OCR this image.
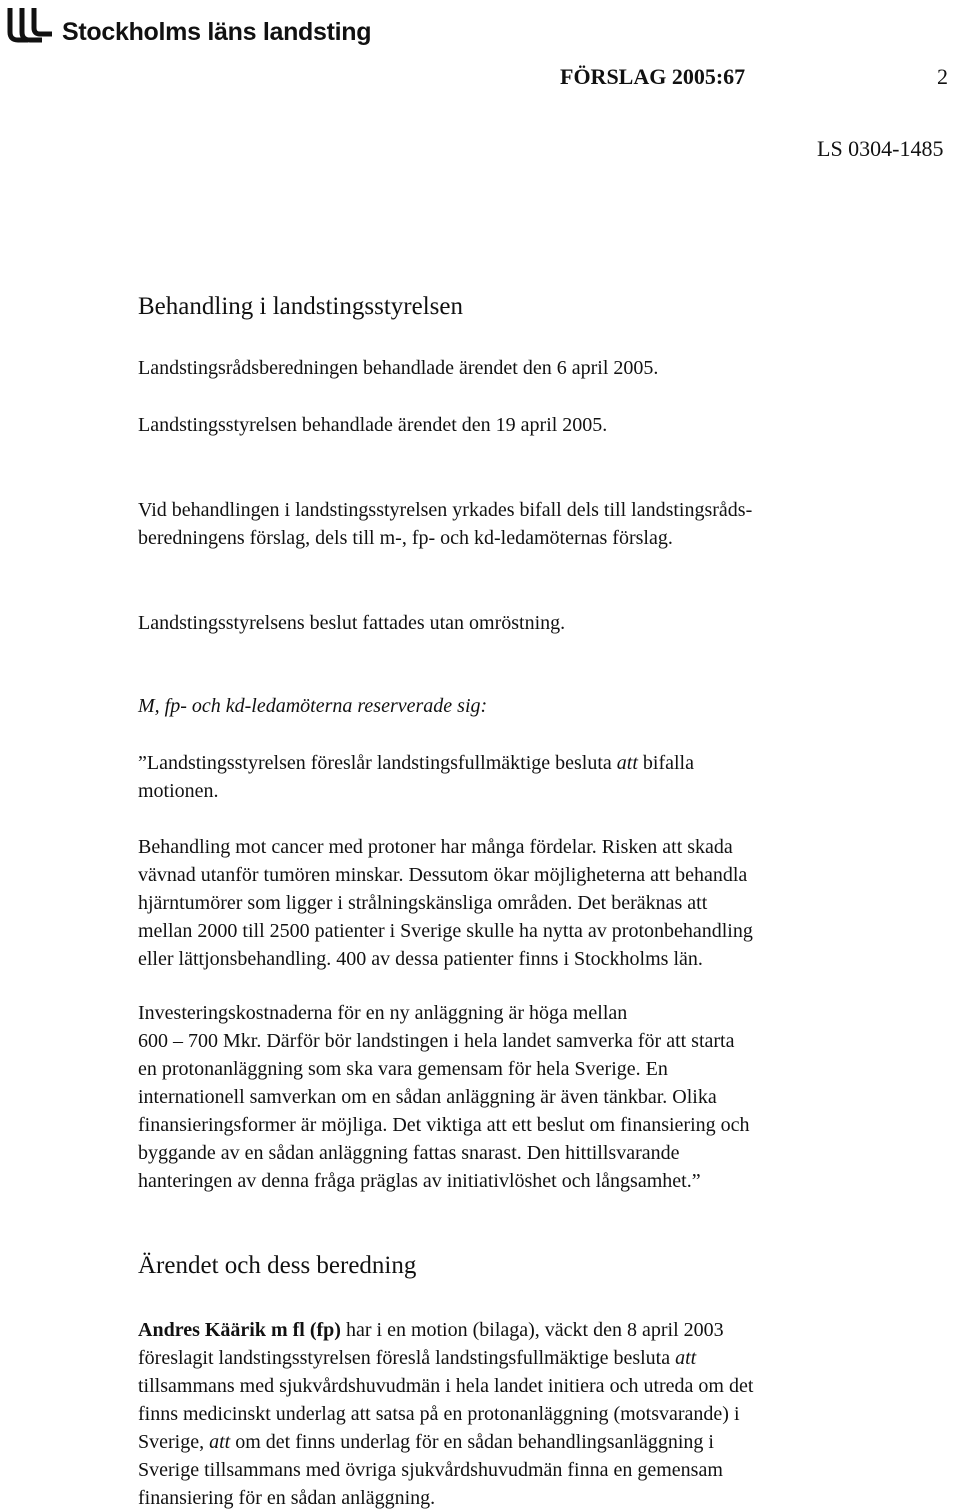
Stockholms läns landsting
FÖRSLAG 2005:67	2
LS 0304-1485
Behandling i landstingsstyrelsen
Landstingsrådsberedningen behandlade ärendet den 6 april 2005.
Landstingsstyrelsen behandlade ärendet den 19 april 2005.
Vid behandlingen i landstingsstyrelsen yrkades bifall dels till landstingsråds-
beredningens förslag, dels till m-, fp- och kd-ledamöternas förslag.
Landstingsstyrelsens beslut fattades utan omröstning.
M, fp- och kd-ledamöterna reserverade sig:
”Landstingsstyrelsen föreslår landstingsfullmäktige besluta att bifalla
motionen.
Behandling mot cancer med protoner har många fördelar. Risken att skada
vävnad utanför tumören minskar. Dessutom ökar möjligheterna att behandla
hjärntumörer som ligger i strålningskänsliga områden. Det beräknas att
mellan 2000 till 2500 patienter i Sverige skulle ha nytta av protonbehandling
eller lättjonsbehandling. 400 av dessa patienter finns i Stockholms län.
Investeringskostnaderna för en ny anläggning är höga mellan
600 – 700 Mkr. Därför bör landstingen i hela landet samverka för att starta
en protonanläggning som ska vara gemensam för hela Sverige. En
internationell samverkan om en sådan anläggning är även tänkbar. Olika
finansieringsformer är möjliga. Det viktiga att ett beslut om finansiering och
byggande av en sådan anläggning fattas snarast. Den hittillsvarande
hanteringen av denna fråga präglas av initiativlöshet och långsamhet.”
Ärendet och dess beredning
Andres Käärik m fl (fp) har i en motion (bilaga), väckt den 8 april 2003
föreslagit landstingsstyrelsen föreslå landstingsfullmäktige besluta att
tillsammans med sjukvårdshuvudmän i hela landet initiera och utreda om det
finns medicinskt underlag att satsa på en protonanläggning (motsvarande) i
Sverige, att om det finns underlag för en sådan behandlingsanläggning i
Sverige tillsammans med övriga sjukvårdshuvudmän finna en gemensam
finansiering för en sådan anläggning.
